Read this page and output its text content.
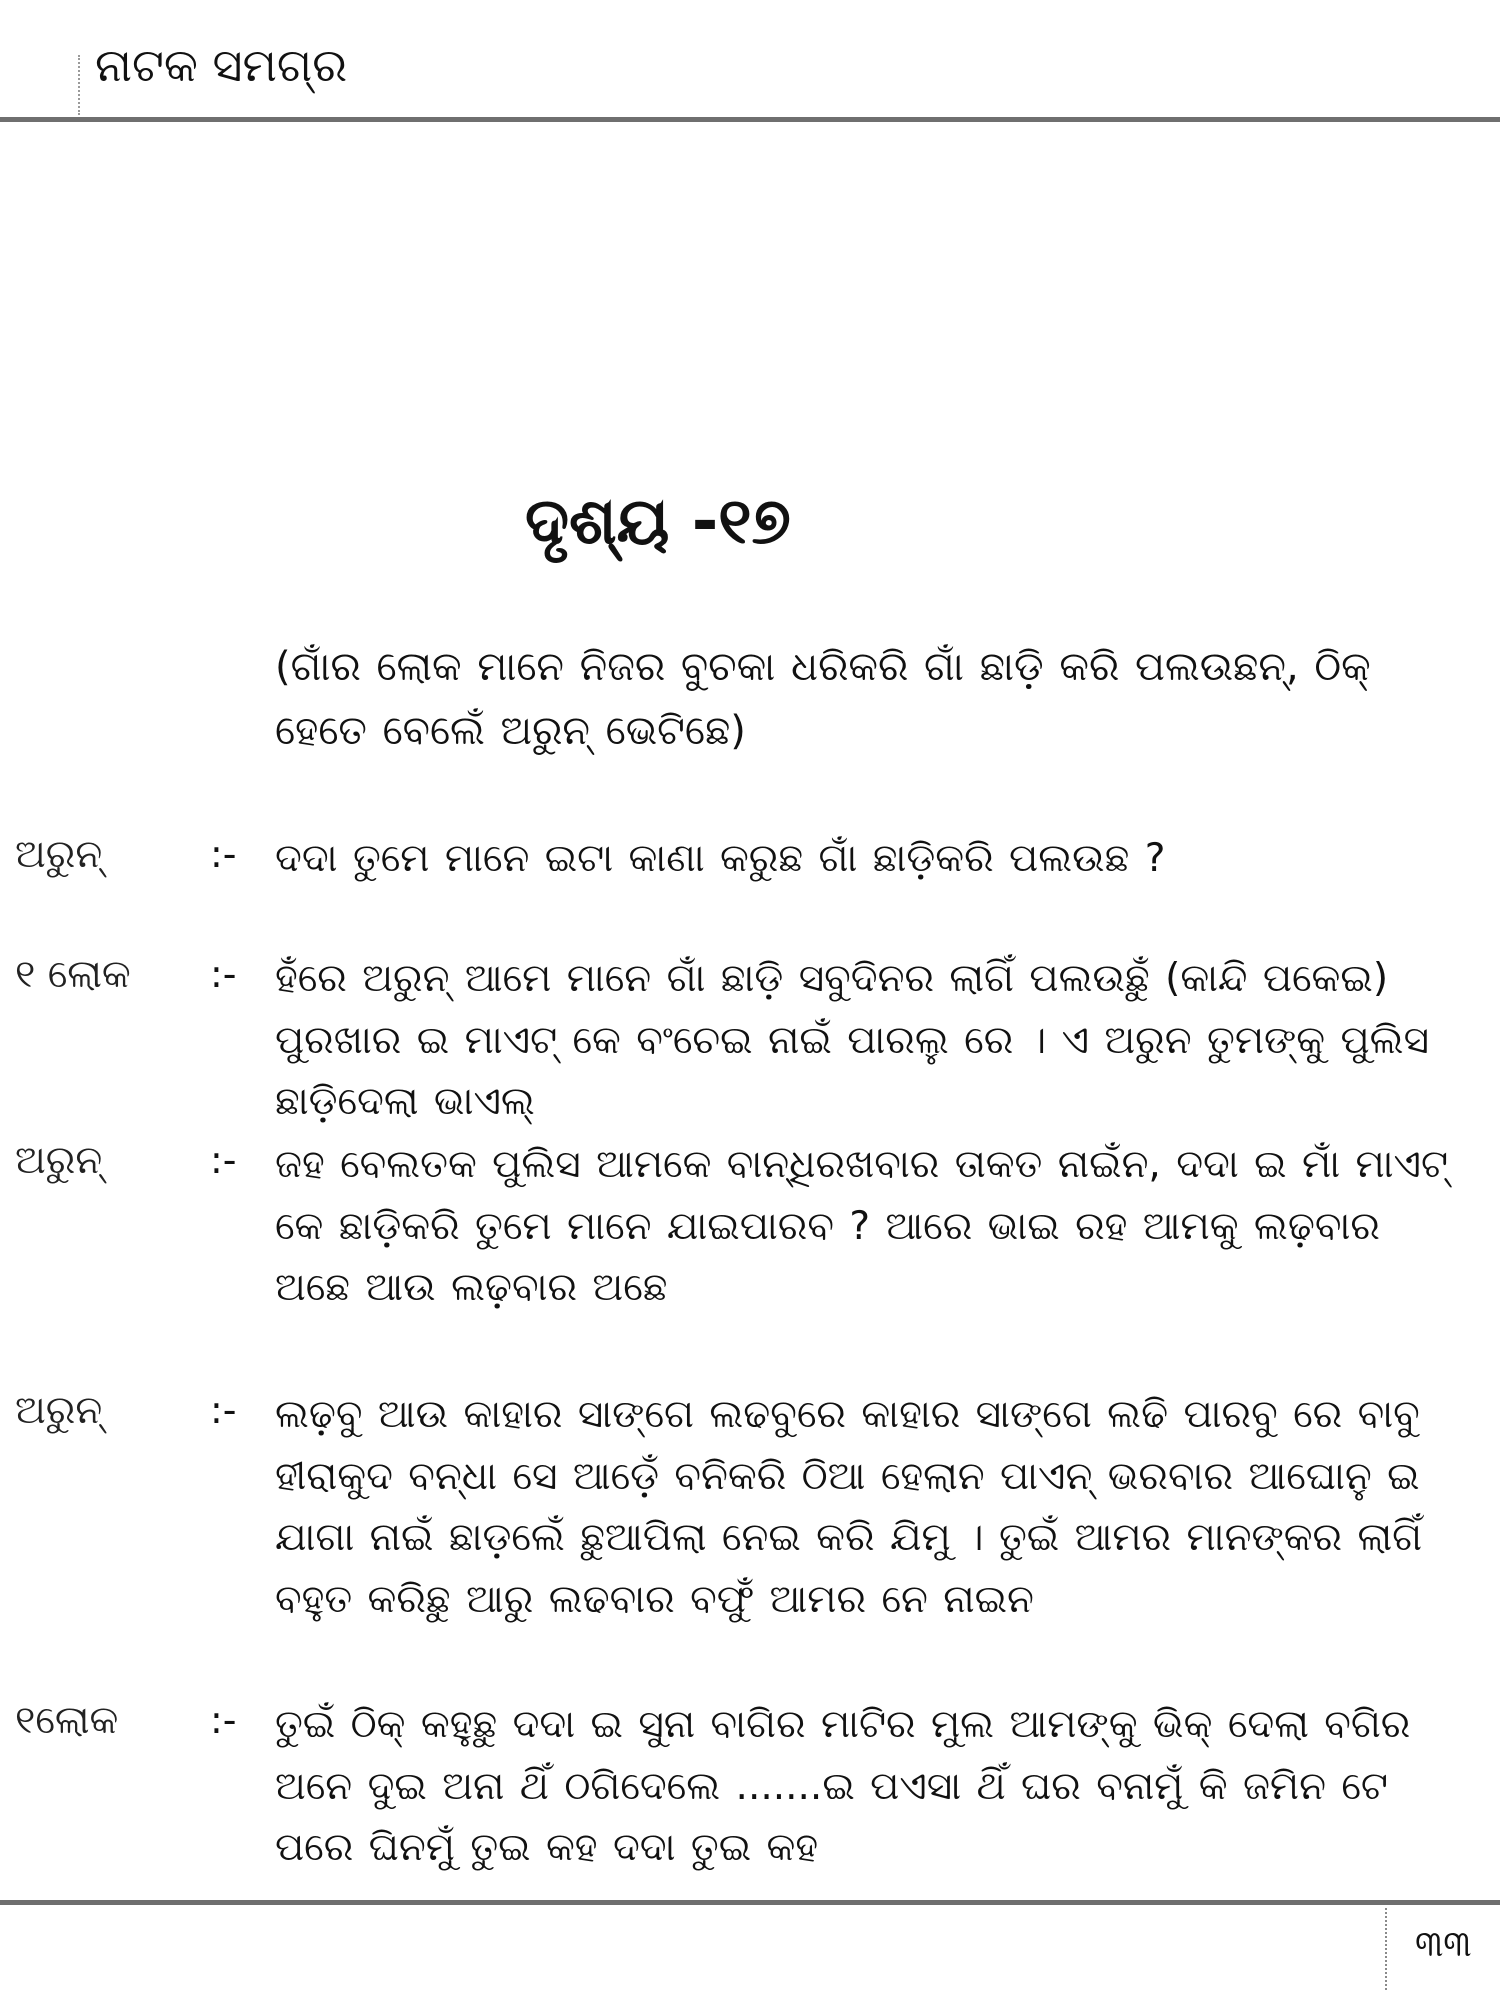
ନାଟକ ସମଗ୍ର
ଦୃଶ୍ୟ -୧୭
(ଗାଁର ଲୋକ ମାନେ ନିଜର ବୁଚକା ଧରିକରି ଗାଁ ଛାଡ଼ି କରି ପଲଉଛନ୍, ଠିକ୍ ହେତେ ବେଲେଁ ଅରୁନ୍ ଭେଟିଛେ)
ଅରୁନ୍	:- ଦଦା ତୁମେ ମାନେ ଇଟା କାଣା କରୁଛ ଗାଁ ଛାଡ଼ିକରି ପଲଉଛ ?
୧ ଲୋକ	:- ହଁରେ ଅରୁନ୍ ଆମେ ମାନେ ଗାଁ ଛାଡ଼ି ସବୁଦିନର ଲାଗିଁ ପଲଉଛୁଁ (କାନ୍ଦି ପକେଇ) ପୁରଖାର ଇ ମାଏଟ୍ କେ ବଂଚେଇ ନାଇଁ ପାରଲୁ ରେ । ଏ ଅରୁନ ତୁମଙ୍କୁ ପୁଲିସ ଛାଡ଼ିଦେଲା ଭାଏଲ୍
ଅରୁନ୍	:- ଜହ ବେଲତକ ପୁଲିସ ଆମକେ ବାନ୍ଧିରଖବାର ତାକତ ନାଇଁନ, ଦଦା ଇ ମାଁ ମାଏଟ୍ କେ ଛାଡ଼ିକରି ତୁମେ ମାନେ ଯାଇପାରବ ? ଆରେ ଭାଇ ରହ ଆମକୁ ଲଢ଼ବାର ଅଛେ ଆଉ ଲଢ଼ବାର ଅଛେ
ଅରୁନ୍	:- ଲଢ଼ବୁ ଆଉ କାହାର ସାଙ୍ଗେ ଲଢବୁରେ କାହାର ସାଙ୍ଗେ ଲଢି ପାରବୁ ରେ ବାବୁ ହୀରାକୁଦ ବନ୍ଧା ସେ ଆଡ଼େଁ ବନିକରି ଠିଆ ହେଲାନ ପାଏନ୍ ଭରବାର ଆଘୋନୁ ଇ ଯାଗା ନାଇଁ ଛାଡ଼ଲେଁ ଛୁଆପିଲା ନେଇ କରି ଯିମୁ । ତୁଇଁ ଆମର ମାନଙ୍କର ଲାଗିଁ ବହୁତ କରିଛୁ ଆରୁ ଲଢବାର ବଫୁଁ ଆମର ନେ ନାଇନ
୧ଲୋକ	:- ତୁଇଁ ଠିକ୍ କହୁଛୁ ଦଦା ଇ ସୁନା ବାଗିର ମାଟିର ମୁଲ ଆମଙ୍କୁ ଭିକ୍ ଦେଲା ବଗିର ଅନେ ଦୁଇ ଅନା ଥିଁ ଠଗିଦେଲେ .......ଇ ପଏସା ଥିଁ ଘର ବନାମୁଁ କି ଜମିନ ଟେ ପରେ ଘିନମୁଁ ତୁଇ କହ ଦଦା ତୁଇ କହ
୩୩
